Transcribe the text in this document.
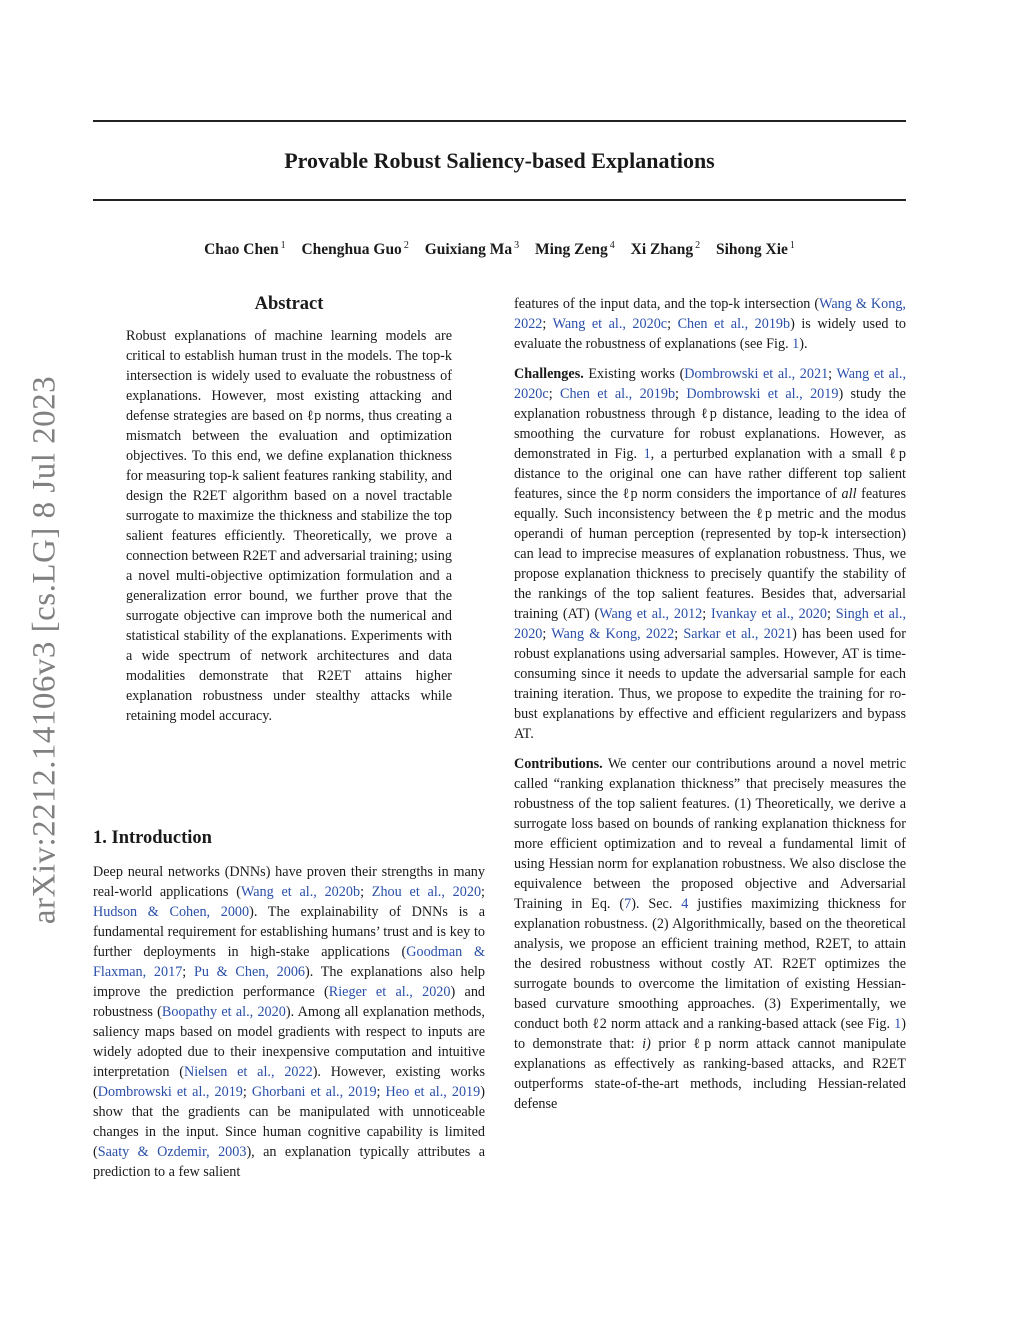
Provable Robust Saliency-based Explanations
Chao Chen $^1$ Chenghua Guo $^2$ Guixiang Ma $^3$ Ming Zeng $^4$ Xi Zhang $^2$ Sihong Xie $^1$
arXiv:2212.14106v3 [cs.LG] 8 Jul 2023
Abstract
Robust explanations of machine learning models are critical to establish human trust in the models. The top-k intersection is widely used to evaluate the robustness of explanations. However, most existing attacking and defense strategies are based on ℓp norms, thus creating a mismatch between the evaluation and optimization objectives. To this end, we define explanation thickness for measuring top-k salient features ranking stability, and design the R2ET algorithm based on a novel tractable surrogate to maximize the thickness and stabilize the top salient features efficiently. Theoretically, we prove a connection between R2ET and adversarial training; using a novel multi-objective optimization formulation and a generalization error bound, we further prove that the surrogate objective can improve both the numerical and statistical stability of the explanations. Experiments with a wide spectrum of network architectures and data modalities demonstrate that R2ET attains higher explanation robustness under stealthy attacks while retaining model accuracy.
1. Introduction
Deep neural networks (DNNs) have proven their strengths in many real-world applications (Wang et al., 2020b; Zhou et al., 2020; Hudson & Cohen, 2000). The explainability of DNNs is a fundamental requirement for establishing humans’ trust and is key to further deployments in high-stake applications (Goodman & Flaxman, 2017; Pu & Chen, 2006). The explanations also help improve the prediction performance (Rieger et al., 2020) and robustness (Boopathy et al., 2020). Among all explanation methods, saliency maps based on model gradients with respect to inputs are widely adopted due to their inexpensive computation and intuitive interpretation (Nielsen et al., 2022). However, existing works (Dombrowski et al., 2019; Ghorbani et al., 2019; Heo et al., 2019) show that the gradients can be manipulated with unnoticeable changes in the input. Since human cognitive capability is limited (Saaty & Ozdemir, 2003), an explanation typically attributes a prediction to a few salient

features of the input data, and the top-k intersection (Wang & Kong, 2022; Wang et al., 2020c; Chen et al., 2019b) is widely used to evaluate the robustness of explanations (see Fig. 1).

Challenges. Existing works (Dombrowski et al., 2021; Wang et al., 2020c; Chen et al., 2019b; Dombrowski et al., 2019) study the explanation robustness through ℓp distance, leading to the idea of smoothing the curvature for robust explanations. However, as demonstrated in Fig. 1, a perturbed explanation with a small ℓp distance to the original one can have rather different top salient features, since the ℓp norm considers the importance of all features equally. Such inconsistency between the ℓp metric and the modus operandi of human perception (represented by top-k intersection) can lead to imprecise measures of explanation robustness. Thus, we propose explanation thickness to precisely quantify the stability of the rankings of the top salient features. Besides that, adversarial training (AT) (Wang et al., 2012; Ivankay et al., 2020; Singh et al., 2020; Wang & Kong, 2022; Sarkar et al., 2021) has been used for robust explanations using adversarial samples. However, AT is time-consuming since it needs to update the adversarial sample for each training iteration. Thus, we propose to expedite the training for robust explanations by effective and efficient regularizers and bypass AT.

Contributions. We center our contributions around a novel metric called “ranking explanation thickness” that precisely measures the robustness of the top salient features. (1) Theoretically, we derive a surrogate loss based on bounds of ranking explanation thickness for more efficient optimization and to reveal a fundamental limit of using Hessian norm for explanation robustness. We also disclose the equivalence between the proposed objective and Adversarial Training in Eq. (7). Sec. 4 justifies maximizing thickness for explanation robustness. (2) Algorithmically, based on the theoretical analysis, we propose an efficient training method, R2ET, to attain the desired robustness without costly AT. R2ET optimizes the surrogate bounds to overcome the limitation of existing Hessian-based curvature smoothing approaches. (3) Experimentally, we conduct both ℓ2 norm attack and a ranking-based attack (see Fig. 1) to demonstrate that: i) prior ℓp norm attack cannot manipulate explanations as effectively as ranking-based attacks, and R2ET outperforms state-of-the-art methods, including Hessian-related defense
